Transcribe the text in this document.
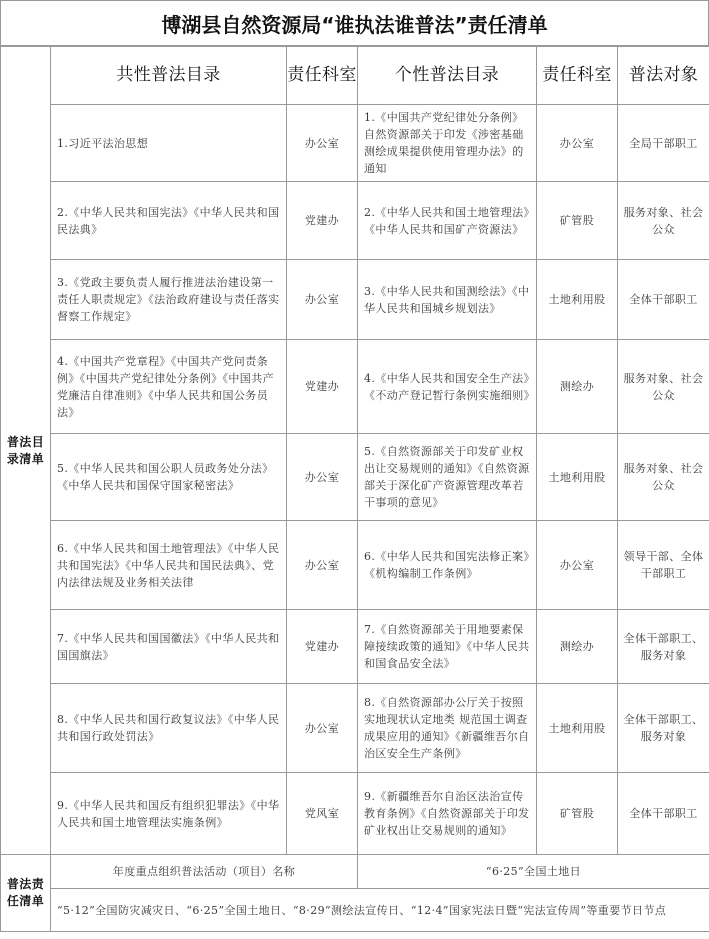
博湖县自然资源局“谁执法谁普法”责任清单
普法目录清单	共性普法目录	责任科室	个性普法目录	责任科室	普法对象
	1.习近平法治思想	办公室	1.《中国共产党纪律处分条例》 自然资源部关于印发《涉密基础测绘成果提供使用管理办法》的通知	办公室	全局干部职工
	2.《中华人民共和国宪法》《中华人民共和国民法典》	党建办	2.《中华人民共和国土地管理法》《中华人民共和国矿产资源法》	矿管股	服务对象、社会公众
	3.《党政主要负责人履行推进法治建设第一责任人职责规定》《法治政府建设与责任落实督察工作规定》	办公室	3.《中华人民共和国测绘法》《中华人民共和国城乡规划法》	土地利用股	全体干部职工
	4.《中国共产党章程》《中国共产党问责条例》《中国共产党纪律处分条例》《中国共产党廉洁自律准则》《中华人民共和国公务员法》	党建办	4.《中华人民共和国安全生产法》《不动产登记暂行条例实施细则》	测绘办	服务对象、社会公众
	5.《中华人民共和国公职人员政务处分法》 《中华人民共和国保守国家秘密法》	办公室	5.《自然资源部关于印发矿业权出让交易规则的通知》《自然资源部关于深化矿产资源管理改革若干事项的意见》	土地利用股	服务对象、社会公众
	6.《中华人民共和国土地管理法》《中华人民共和国宪法》《中华人民共和国民法典》、党内法律法规及业务相关法律	办公室	6.《中华人民共和国宪法修正案》《机构编制工作条例》	办公室	领导干部、全体干部职工
	7.《中华人民共和国国徽法》《中华人民共和国国旗法》	党建办	7.《自然资源部关于用地要素保障接续政策的通知》《中华人民共和国食品安全法》	测绘办	全体干部职工、服务对象
	8.《中华人民共和国行政复议法》《中华人民共和国行政处罚法》	办公室	8.《自然资源部办公厅关于按照实地现状认定地类 规范国土调查成果应用的通知》《新疆维吾尔自治区安全生产条例》	土地利用股	全体干部职工、服务对象
	9.《中华人民共和国反有组织犯罪法》《中华人民共和国土地管理法实施条例》	党风室	9.《新疆维吾尔自治区法治宣传教育条例》《自然资源部关于印发矿业权出让交易规则的通知》	矿管股	全体干部职工
普法责任清单	年度重点组织普法活动（项目）名称		“6·25”全国土地日		
	“5·12”全国防灾减灾日、“6·25”全国土地日、“8·29”测绘法宣传日、“12·4”国家宪法日暨“宪法宣传周”等重要节日节点				
